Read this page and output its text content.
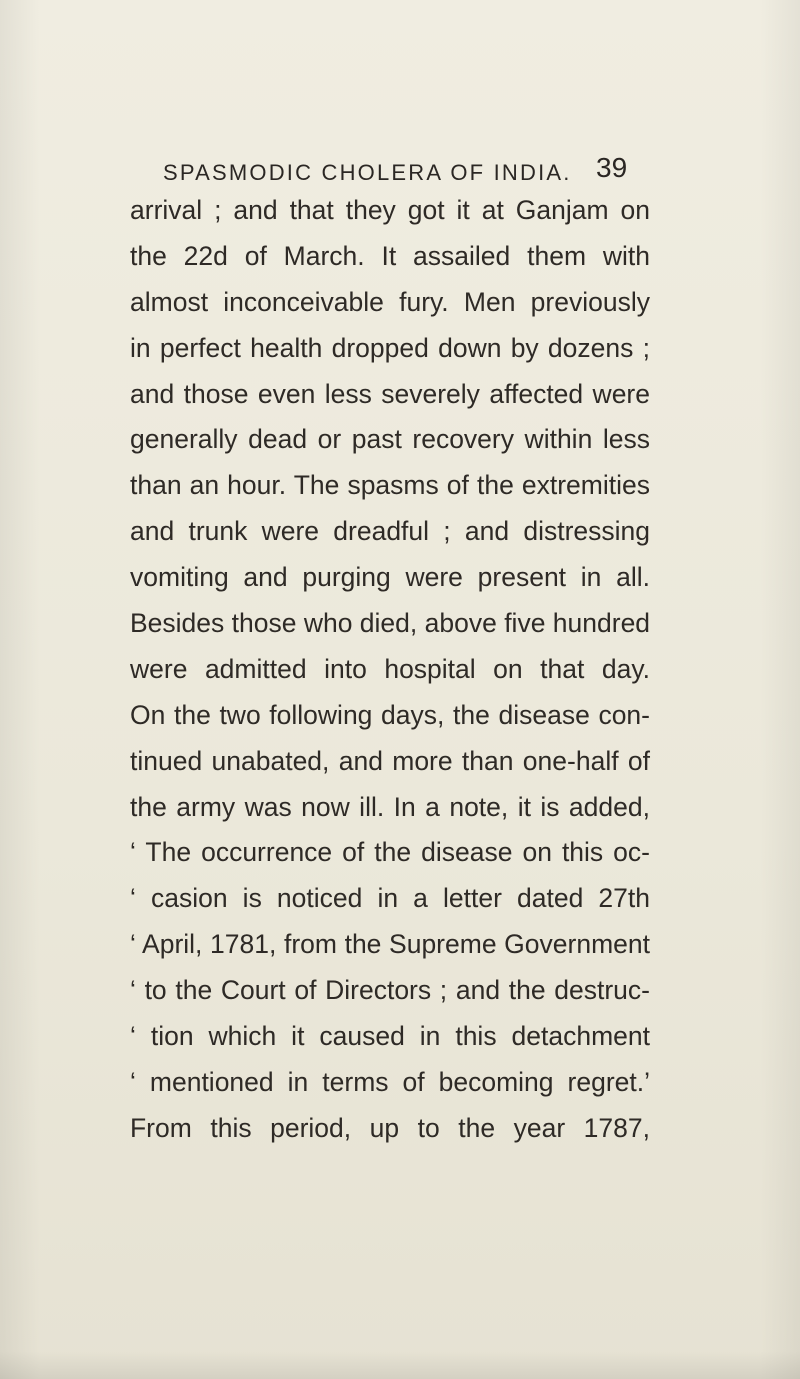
SPASMODIC CHOLERA OF INDIA. 39
arrival ; and that they got it at Ganjam on
the 22d of March. It assailed them with
almost inconceivable fury. Men previously
in perfect health dropped down by dozens ;
and those even less severely affected were
generally dead or past recovery within less
than an hour. The spasms of the extremities
and trunk were dreadful ; and distressing
vomiting and purging were present in all.
Besides those who died, above five hundred
were admitted into hospital on that day.
On the two following days, the disease con-
tinued unabated, and more than one-half of
the army was now ill. In a note, it is added,
‘ The occurrence of the disease on this oc-
‘ casion is noticed in a letter dated 27th
‘ April, 1781, from the Supreme Government
‘ to the Court of Directors ; and the destruc-
‘ tion which it caused in this detachment
‘ mentioned in terms of becoming regret.’
From this period, up to the year 1787,
